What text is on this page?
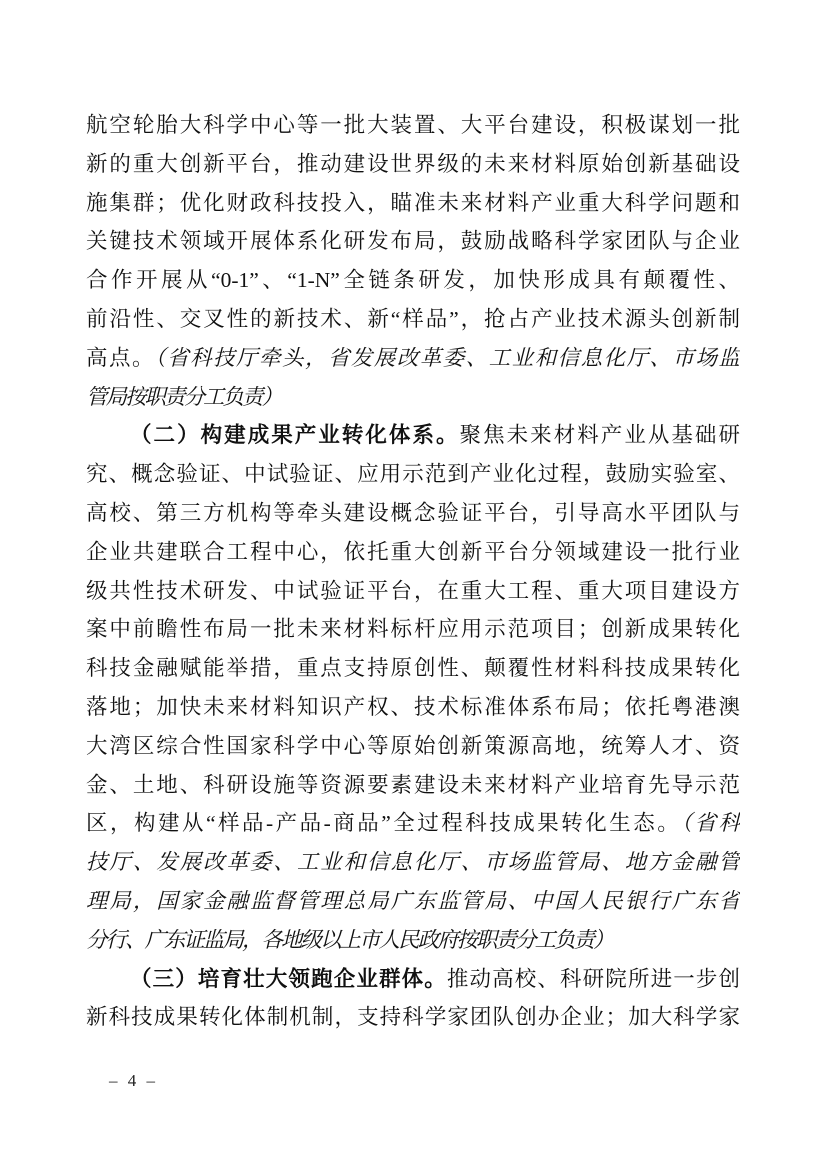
航空轮胎大科学中心等一批大装置、大平台建设，积极谋划一批
新的重大创新平台，推动建设世界级的未来材料原始创新基础设
施集群；优化财政科技投入，瞄准未来材料产业重大科学问题和
关键技术领域开展体系化研发布局，鼓励战略科学家团队与企业
合作开展从“0-1”、“1-N”全链条研发，加快形成具有颠覆性、
前沿性、交叉性的新技术、新“样品”，抢占产业技术源头创新制
高点。（省科技厅牵头，省发展改革委、工业和信息化厅、市场监
管局按职责分工负责）
（二）构建成果产业转化体系。聚焦未来材料产业从基础研
究、概念验证、中试验证、应用示范到产业化过程，鼓励实验室、
高校、第三方机构等牵头建设概念验证平台，引导高水平团队与
企业共建联合工程中心，依托重大创新平台分领域建设一批行业
级共性技术研发、中试验证平台，在重大工程、重大项目建设方
案中前瞻性布局一批未来材料标杆应用示范项目；创新成果转化
科技金融赋能举措，重点支持原创性、颠覆性材料科技成果转化
落地；加快未来材料知识产权、技术标准体系布局；依托粤港澳
大湾区综合性国家科学中心等原始创新策源高地，统筹人才、资
金、土地、科研设施等资源要素建设未来材料产业培育先导示范
区，构建从“样品-产品-商品”全过程科技成果转化生态。（省科
技厅、发展改革委、工业和信息化厅、市场监管局、地方金融管
理局，国家金融监督管理总局广东监管局、中国人民银行广东省
分行、广东证监局，各地级以上市人民政府按职责分工负责）
（三）培育壮大领跑企业群体。推动高校、科研院所进一步创
新科技成果转化体制机制，支持科学家团队创办企业；加大科学家
– 4 –
